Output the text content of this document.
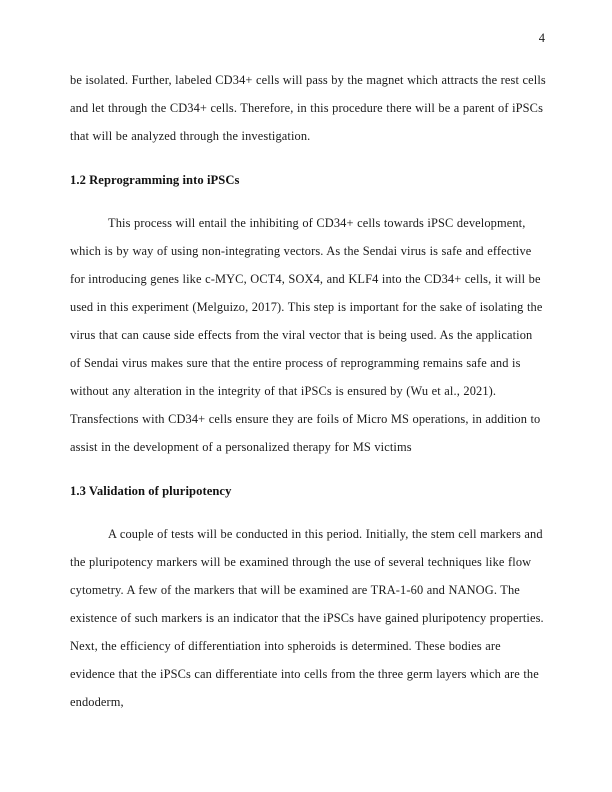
4

be isolated. Further, labeled CD34+ cells will pass by the magnet which attracts the rest cells and let through the CD34+ cells. Therefore, in this procedure there will be a parent of iPSCs that will be analyzed through the investigation.

1.2 Reprogramming into iPSCs

This process will entail the inhibiting of CD34+ cells towards iPSC development, which is by way of using non-integrating vectors. As the Sendai virus is safe and effective for introducing genes like c-MYC, OCT4, SOX4, and KLF4 into the CD34+ cells, it will be used in this experiment (Melguizo, 2017). This step is important for the sake of isolating the virus that can cause side effects from the viral vector that is being used. As the application of Sendai virus makes sure that the entire process of reprogramming remains safe and is without any alteration in the integrity of that iPSCs is ensured by (Wu et al., 2021). Transfections with CD34+ cells ensure they are foils of Micro MS operations, in addition to assist in the development of a personalized therapy for MS victims

1.3 Validation of pluripotency

A couple of tests will be conducted in this period. Initially, the stem cell markers and the pluripotency markers will be examined through the use of several techniques like flow cytometry. A few of the markers that will be examined are TRA-1-60 and NANOG. The existence of such markers is an indicator that the iPSCs have gained pluripotency properties. Next, the efficiency of differentiation into spheroids is determined. These bodies are evidence that the iPSCs can differentiate into cells from the three germ layers which are the endoderm,
